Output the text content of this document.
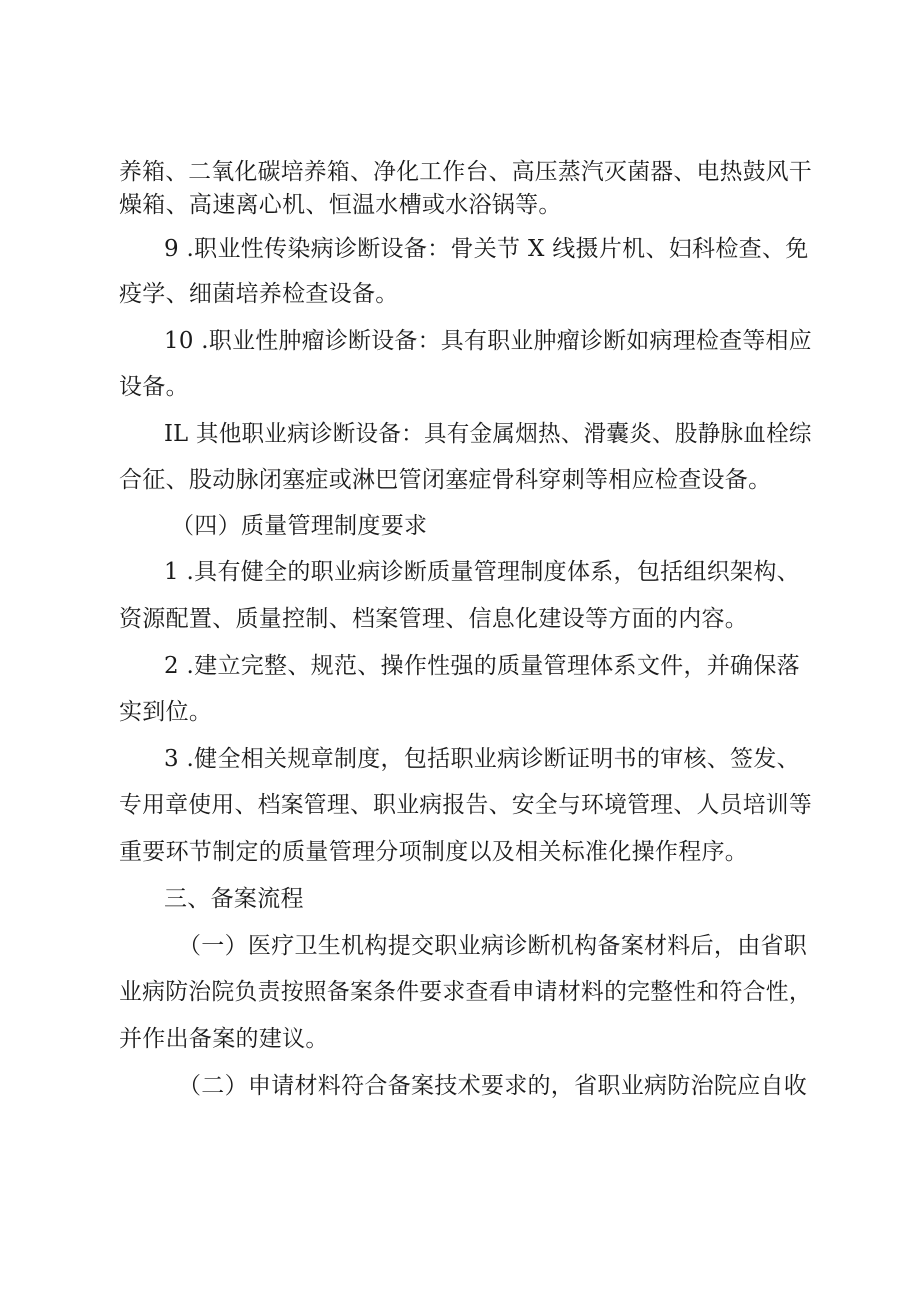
养箱、二氧化碳培养箱、净化工作台、高压蒸汽灭菌器、电热鼓风干
燥箱、高速离心机、恒温水槽或水浴锅等。
9 .职业性传染病诊断设备：骨关节 X 线摄片机、妇科检查、免
疫学、细菌培养检查设备。
10 .职业性肿瘤诊断设备：具有职业肿瘤诊断如病理检查等相应
设备。
IL 其他职业病诊断设备：具有金属烟热、滑囊炎、股静脉血栓综
合征、股动脉闭塞症或淋巴管闭塞症骨科穿刺等相应检查设备。
（四）质量管理制度要求
1 .具有健全的职业病诊断质量管理制度体系，包括组织架构、
资源配置、质量控制、档案管理、信息化建设等方面的内容。
2 .建立完整、规范、操作性强的质量管理体系文件，并确保落
实到位。
3 .健全相关规章制度，包括职业病诊断证明书的审核、签发、
专用章使用、档案管理、职业病报告、安全与环境管理、人员培训等
重要环节制定的质量管理分项制度以及相关标准化操作程序。
三、备案流程
（一）医疗卫生机构提交职业病诊断机构备案材料后，由省职
业病防治院负责按照备案条件要求查看申请材料的完整性和符合性，
并作出备案的建议。
（二）申请材料符合备案技术要求的，省职业病防治院应自收
